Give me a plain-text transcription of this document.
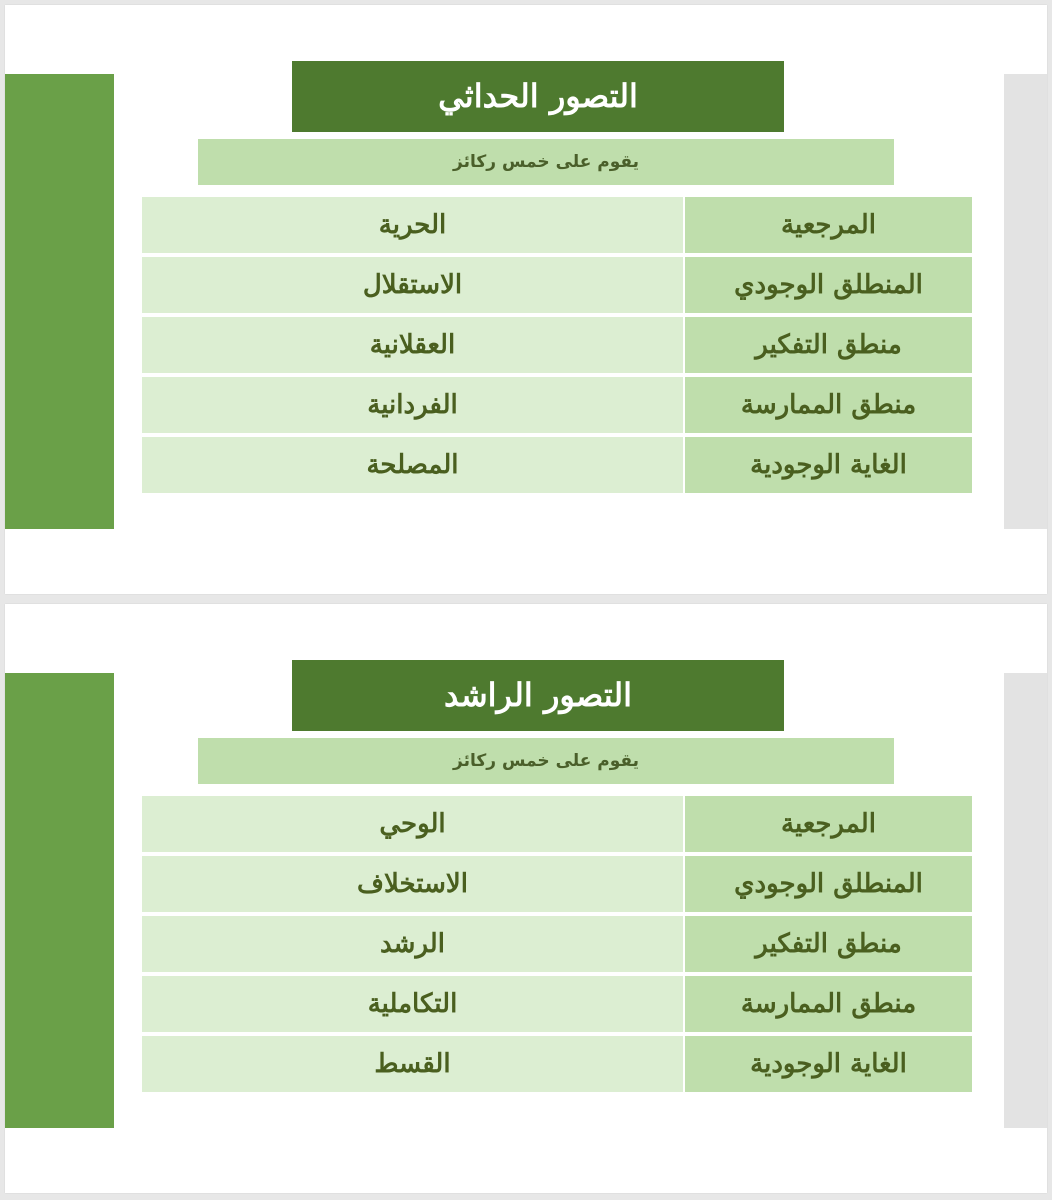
التصور الحداثي
يقوم على خمس ركائز
الحرية	المرجعية
الاستقلال	المنطلق الوجودي
العقلانية	منطق التفكير
الفردانية	منطق الممارسة
المصلحة	الغاية الوجودية
التصور الراشد
يقوم على خمس ركائز
الوحي	المرجعية
الاستخلاف	المنطلق الوجودي
الرشد	منطق التفكير
التكاملية	منطق الممارسة
القسط	الغاية الوجودية
